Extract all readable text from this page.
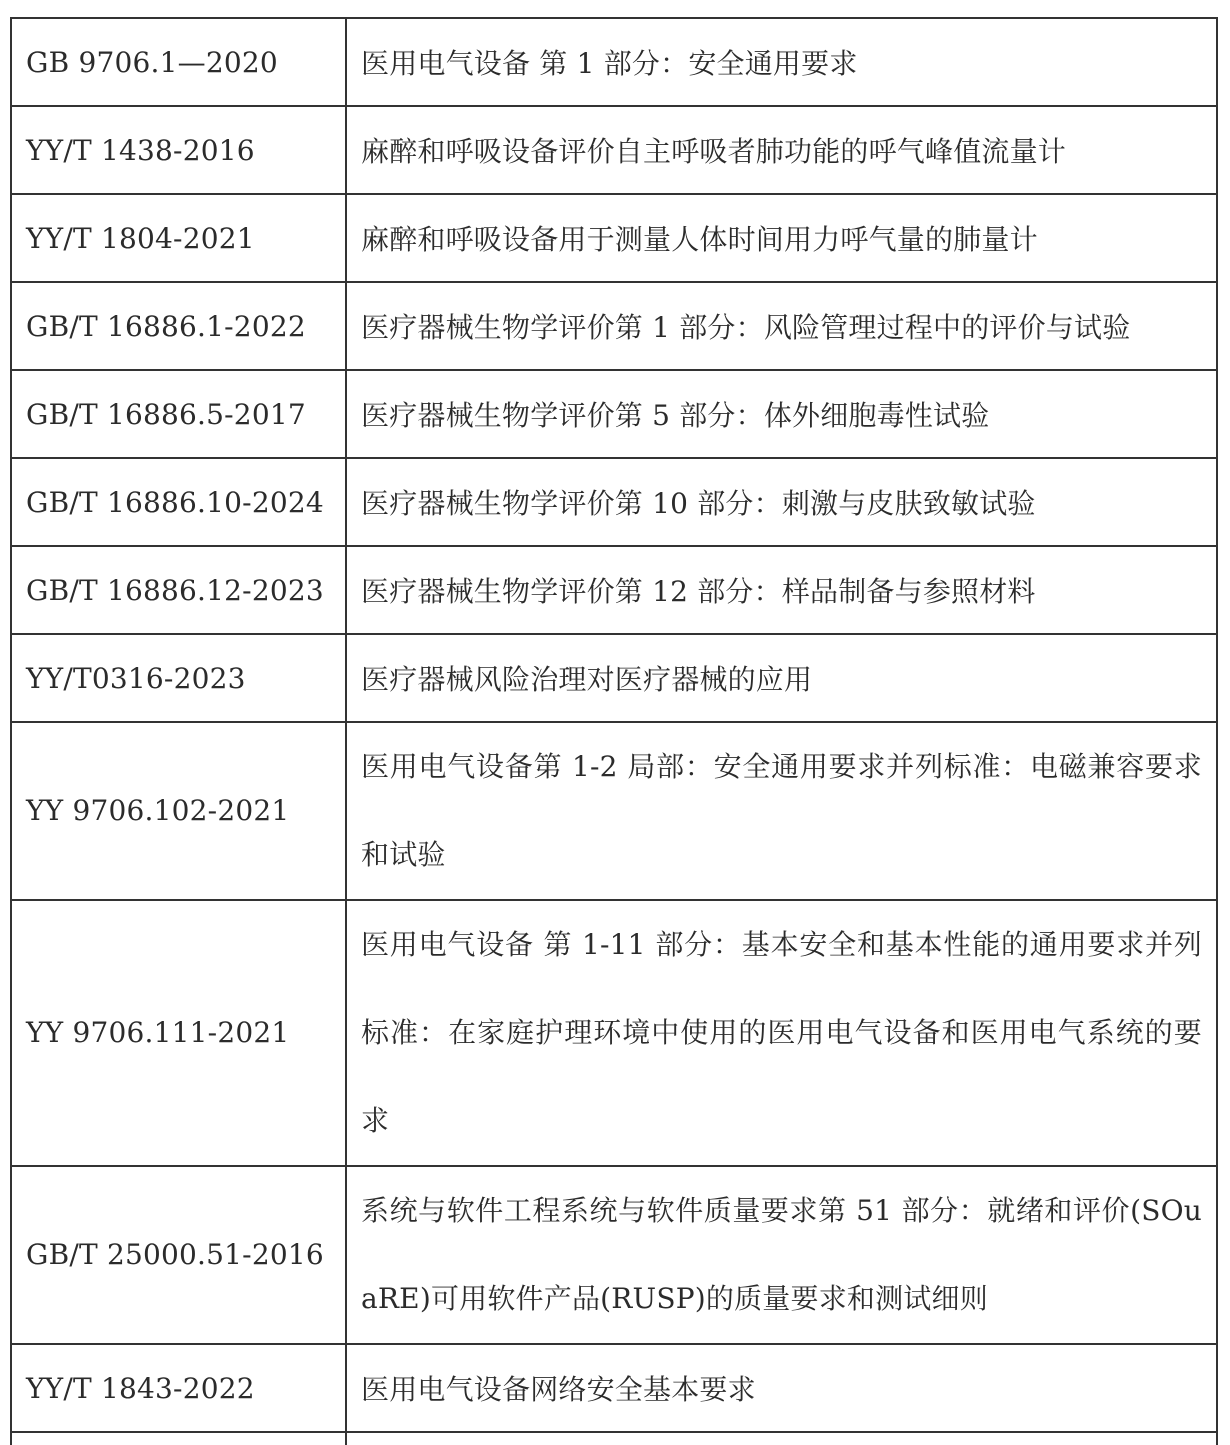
GB 9706.1—2020	医用电气设备 第 1 部分：安全通用要求
YY/T 1438-2016	麻醉和呼吸设备评价自主呼吸者肺功能的呼气峰值流量计
YY/T 1804-2021	麻醉和呼吸设备用于测量人体时间用力呼气量的肺量计
GB/T 16886.1-2022	医疗器械生物学评价第 1 部分：风险管理过程中的评价与试验
GB/T 16886.5-2017	医疗器械生物学评价第 5 部分：体外细胞毒性试验
GB/T 16886.10-2024	医疗器械生物学评价第 10 部分：刺激与皮肤致敏试验
GB/T 16886.12-2023	医疗器械生物学评价第 12 部分：样品制备与参照材料
YY/T0316-2023	医疗器械风险治理对医疗器械的应用
YY 9706.102-2021	医用电气设备第 1-2 局部：安全通用要求并列标准：电磁兼容要求和试验
YY 9706.111-2021	医用电气设备 第 1-11 部分：基本安全和基本性能的通用要求并列标准：在家庭护理环境中使用的医用电气设备和医用电气系统的要求
GB/T 25000.51-2016	系统与软件工程系统与软件质量要求第 51 部分：就绪和评价(SOuaRE)可用软件产品(RUSP)的质量要求和测试细则
YY/T 1843-2022	医用电气设备网络安全基本要求
